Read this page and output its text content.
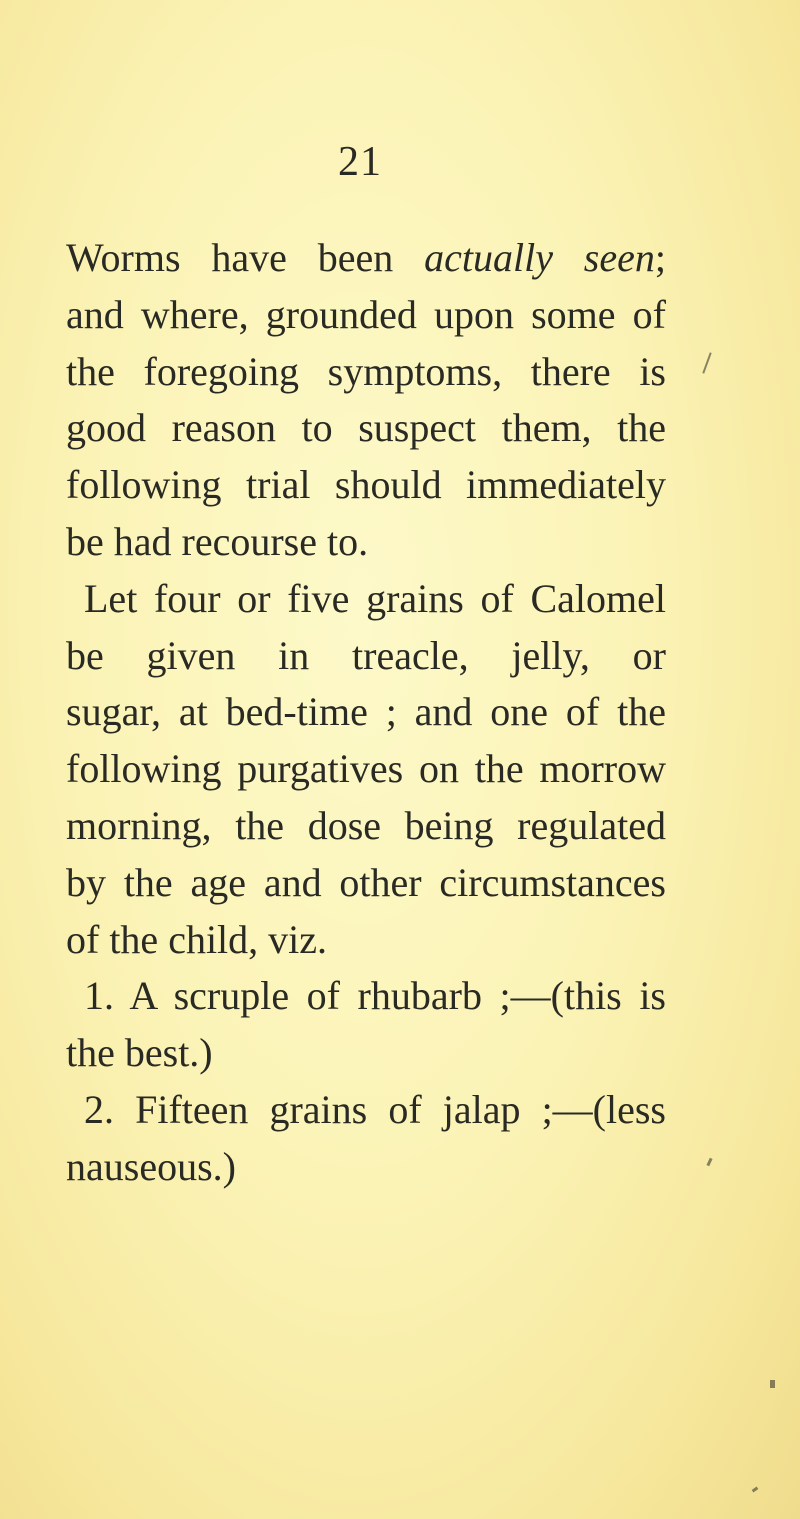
21
Worms have been actually seen;
and where, grounded upon some of
the foregoing symptoms, there is
good reason to suspect them, the
following trial should immediately
be had recourse to.
Let four or five grains of Calomel
be given in treacle, jelly, or
sugar, at bed-time ; and one of the
following purgatives on the morrow
morning, the dose being regulated
by the age and other circumstances
of the child, viz.
1. A scruple of rhubarb ;—(this is
the best.)
2. Fifteen grains of jalap ;—(less
nauseous.)
